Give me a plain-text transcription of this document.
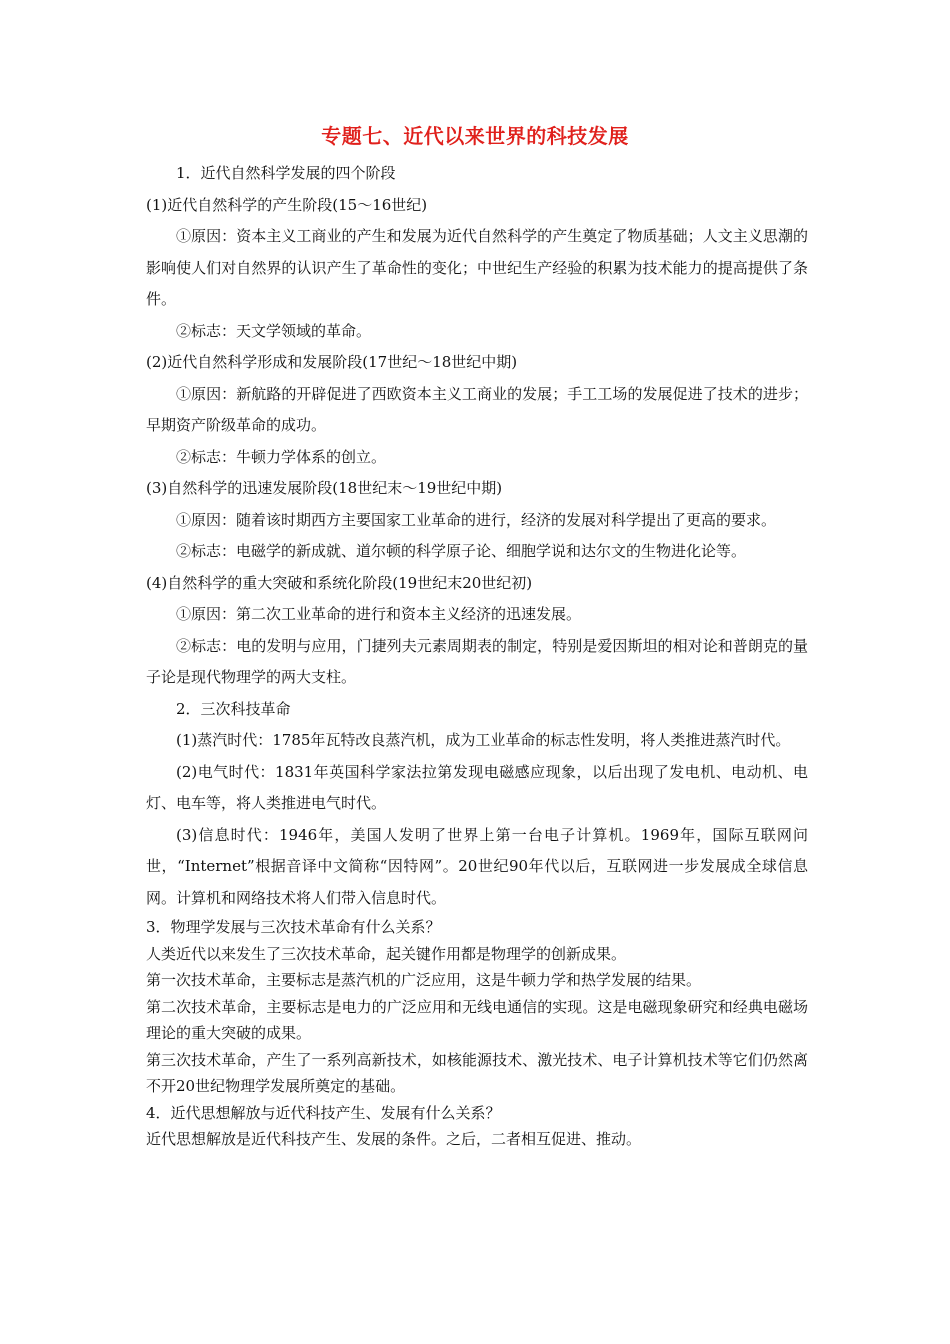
专题七、近代以来世界的科技发展

1．近代自然科学发展的四个阶段

(1)近代自然科学的产生阶段(15～16世纪)

①原因：资本主义工商业的产生和发展为近代自然科学的产生奠定了物质基础；人文主义思潮的影响使人们对自然界的认识产生了革命性的变化；中世纪生产经验的积累为技术能力的提高提供了条件。

②标志：天文学领域的革命。

(2)近代自然科学形成和发展阶段(17世纪～18世纪中期)

①原因：新航路的开辟促进了西欧资本主义工商业的发展；手工工场的发展促进了技术的进步；早期资产阶级革命的成功。

②标志：牛顿力学体系的创立。

(3)自然科学的迅速发展阶段(18世纪末～19世纪中期)

①原因：随着该时期西方主要国家工业革命的进行，经济的发展对科学提出了更高的要求。

②标志：电磁学的新成就、道尔顿的科学原子论、细胞学说和达尔文的生物进化论等。

(4)自然科学的重大突破和系统化阶段(19世纪末20世纪初)

①原因：第二次工业革命的进行和资本主义经济的迅速发展。

②标志：电的发明与应用，门捷列夫元素周期表的制定，特别是爱因斯坦的相对论和普朗克的量子论是现代物理学的两大支柱。

2．三次科技革命

(1)蒸汽时代：1785年瓦特改良蒸汽机，成为工业革命的标志性发明，将人类推进蒸汽时代。

(2)电气时代：1831年英国科学家法拉第发现电磁感应现象，以后出现了发电机、电动机、电灯、电车等，将人类推进电气时代。

(3)信息时代：1946年，美国人发明了世界上第一台电子计算机。1969年，国际互联网问世，“Internet”根据音译中文简称“因特网”。20世纪90年代以后，互联网进一步发展成全球信息网。计算机和网络技术将人们带入信息时代。

3．物理学发展与三次技术革命有什么关系？

人类近代以来发生了三次技术革命，起关键作用都是物理学的创新成果。

第一次技术革命，主要标志是蒸汽机的广泛应用，这是牛顿力学和热学发展的结果。

第二次技术革命，主要标志是电力的广泛应用和无线电通信的实现。这是电磁现象研究和经典电磁场理论的重大突破的成果。

第三次技术革命，产生了一系列高新技术，如核能源技术、激光技术、电子计算机技术等它们仍然离不开20世纪物理学发展所奠定的基础。

4．近代思想解放与近代科技产生、发展有什么关系？

近代思想解放是近代科技产生、发展的条件。之后，二者相互促进、推动。
